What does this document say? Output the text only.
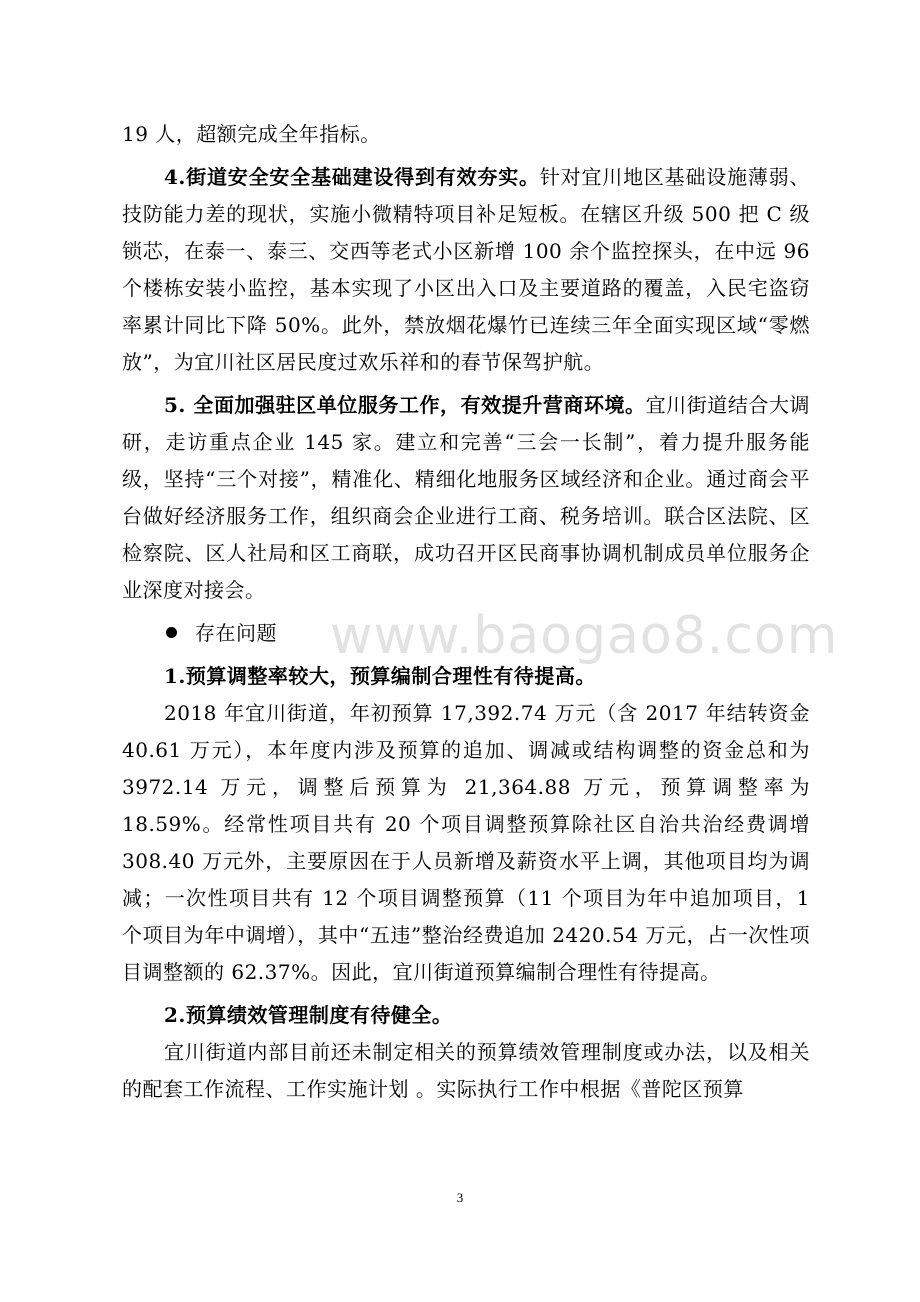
www.baogao8.com

19 人，超额完成全年指标。

4.街道安全安全基础建设得到有效夯实。针对宜川地区基础设施薄弱、技防能力差的现状，实施小微精特项目补足短板。在辖区升级 500 把 C 级锁芯，在泰一、泰三、交西等老式小区新增 100 余个监控探头，在中远 96 个楼栋安装小监控，基本实现了小区出入口及主要道路的覆盖，入民宅盗窃率累计同比下降 50%。此外，禁放烟花爆竹已连续三年全面实现区域“零燃放”，为宜川社区居民度过欢乐祥和的春节保驾护航。

5. 全面加强驻区单位服务工作，有效提升营商环境。宜川街道结合大调研，走访重点企业 145 家。建立和完善“三会一长制”，着力提升服务能级，坚持“三个对接”，精准化、精细化地服务区域经济和企业。通过商会平台做好经济服务工作，组织商会企业进行工商、税务培训。联合区法院、区检察院、区人社局和区工商联，成功召开区民商事协调机制成员单位服务企业深度对接会。

存在问题

1.预算调整率较大，预算编制合理性有待提高。

2018 年宜川街道，年初预算 17,392.74 万元（含 2017 年结转资金 40.61 万元），本年度内涉及预算的追加、调减或结构调整的资金总和为 3972.14 万元，调整后预算为 21,364.88 万元，预算调整率为 18.59%。经常性项目共有 20 个项目调整预算除社区自治共治经费调增 308.40 万元外，主要原因在于人员新增及薪资水平上调，其他项目均为调减；一次性项目共有 12 个项目调整预算（11 个项目为年中追加项目，1 个项目为年中调增），其中“五违”整治经费追加 2420.54 万元，占一次性项目调整额的 62.37%。因此，宜川街道预算编制合理性有待提高。

2.预算绩效管理制度有待健全。

宜川街道内部目前还未制定相关的预算绩效管理制度或办法，以及相关的配套工作流程、工作实施计划 。实际执行工作中根据《普陀区预算

3
